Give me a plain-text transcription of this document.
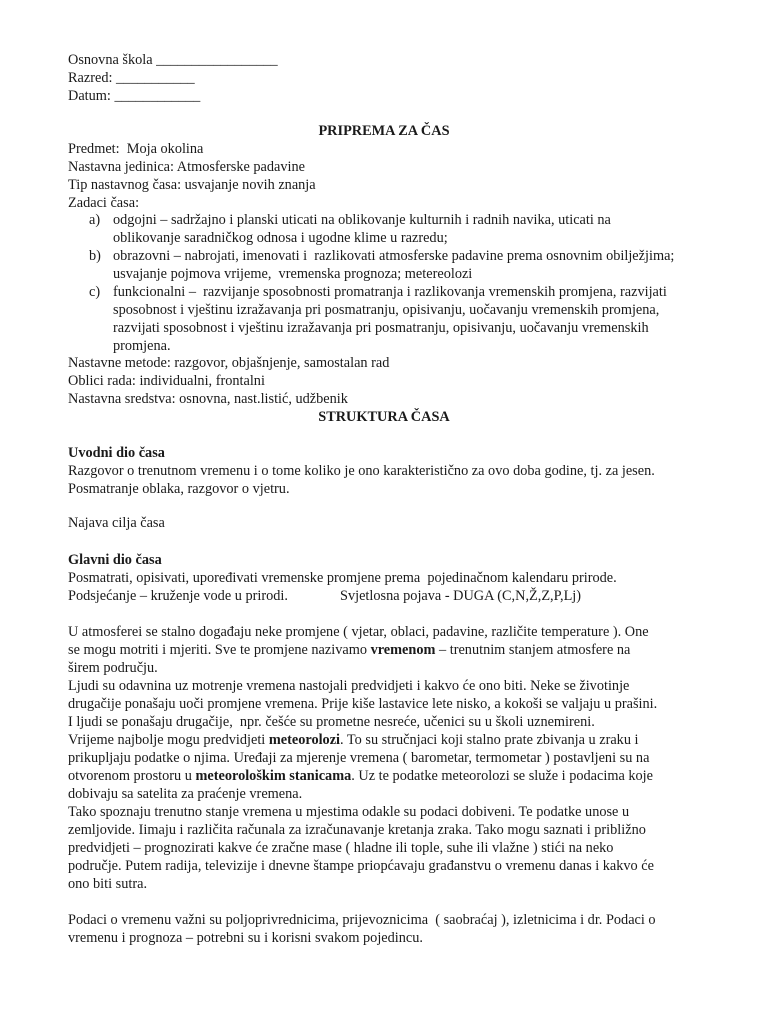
Osnovna škola _________________
Razred: ___________
Datum: ____________
PRIPREMA ZA ČAS
Predmet:  Moja okolina
Nastavna jedinica: Atmosferske padavine
Tip nastavnog časa: usvajanje novih znanja
Zadaci časa:
a) odgojni – sadržajno i planski uticati na oblikovanje kulturnih i radnih navika, uticati na
oblikovanje saradničkog odnosa i ugodne klime u razredu;
b) obrazovni – nabrojati, imenovati i  razlikovati atmosferske padavine prema osnovnim obilježjima;
usvajanje pojmova vrijeme,  vremenska prognoza; metereolozi
c) funkcionalni –  razvijanje sposobnosti promatranja i razlikovanja vremenskih promjena, razvijati
sposobnost i vještinu izražavanja pri posmatranju, opisivanju, uočavanju vremenskih promjena,
razvijati sposobnost i vještinu izražavanja pri posmatranju, opisivanju, uočavanju vremenskih
promjena.
Nastavne metode: razgovor, objašnjenje, samostalan rad
Oblici rada: individualni, frontalni
Nastavna sredstva: osnovna, nast.listić, udžbenik
STRUKTURA ČASA
Uvodni dio časa
Razgovor o trenutnom vremenu i o tome koliko je ono karakteristično za ovo doba godine, tj. za jesen.
Posmatranje oblaka, razgovor o vjetru.
Najava cilja časa
Glavni dio časa
Posmatrati, opisivati, upoređivati vremenske promjene prema  pojedinačnom kalendaru prirode.
Podsjećanje – kruženje vode u prirodi.	Svjetlosna pojava - DUGA (C,N,Ž,Z,P,Lj)
U atmosferei se stalno događaju neke promjene ( vjetar, oblaci, padavine, različite temperature ). One
se mogu motriti i mjeriti. Sve te promjene nazivamo vremenom – trenutnim stanjem atmosfere na
širem području.
Ljudi su odavnina uz motrenje vremena nastojali predvidjeti i kakvo će ono biti. Neke se životinje
drugačije ponašaju uoči promjene vremena. Prije kiše lastavice lete nisko, a kokoši se valjaju u prašini.
I ljudi se ponašaju drugačije,  npr. češće su prometne nesreće, učenici su u školi uznemireni.
Vrijeme najbolje mogu predvidjeti meteorolozi. To su stručnjaci koji stalno prate zbivanja u zraku i
prikupljaju podatke o njima. Uređaji za mjerenje vremena ( barometar, termometar ) postavljeni su na
otvorenom prostoru u meteorološkim stanicama. Uz te podatke meteorolozi se služe i podacima koje
dobivaju sa satelita za praćenje vremena.
Tako spoznaju trenutno stanje vremena u mjestima odakle su podaci dobiveni. Te podatke unose u
zemljovide. Iimaju i različita računala za izračunavanje kretanja zraka. Tako mogu saznati i približno
predvidjeti – prognozirati kakve će zračne mase ( hladne ili tople, suhe ili vlažne ) stići na neko
područje. Putem radija, televizije i dnevne štampe priopćavaju građanstvu o vremenu danas i kakvo će
ono biti sutra.
Podaci o vremenu važni su poljoprivrednicima, prijevoznicima  ( saobraćaj ), izletnicima i dr. Podaci o
vremenu i prognoza – potrebni su i korisni svakom pojedincu.
